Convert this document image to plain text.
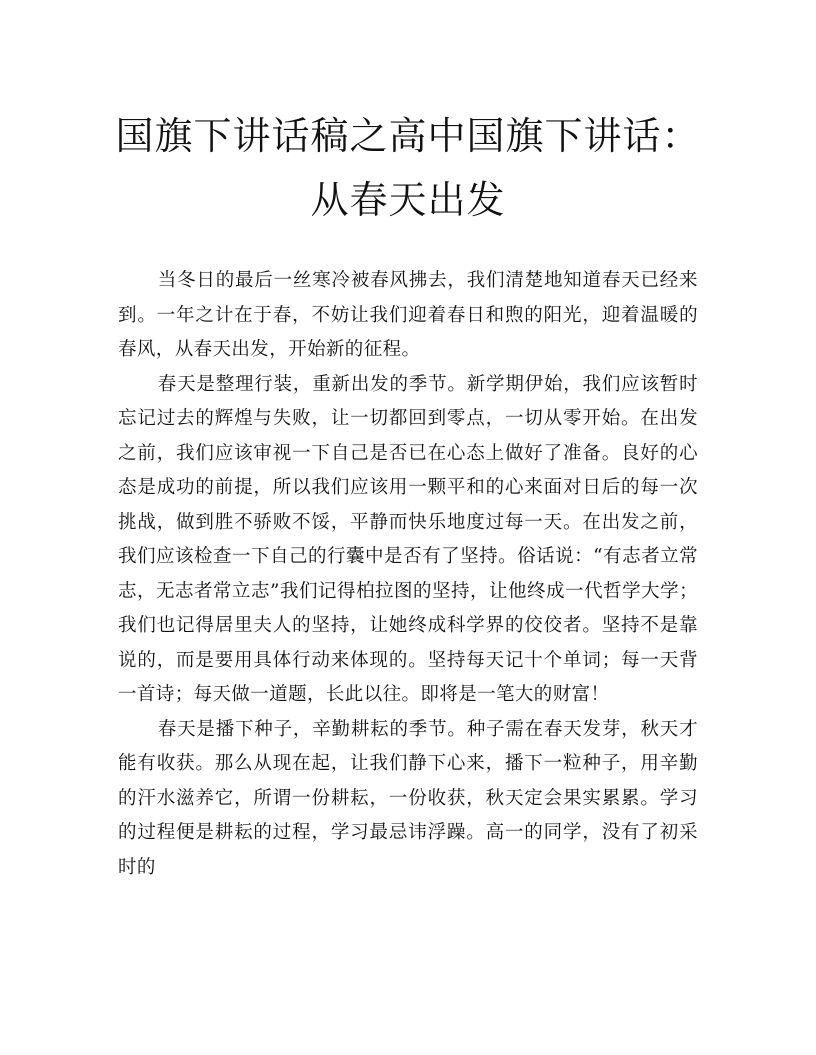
国旗下讲话稿之高中国旗下讲话：从春天出发

当冬日的最后一丝寒冷被春风拂去，我们清楚地知道春天已经来到。一年之计在于春，不妨让我们迎着春日和煦的阳光，迎着温暖的春风，从春天出发，开始新的征程。

春天是整理行装，重新出发的季节。新学期伊始，我们应该暂时忘记过去的辉煌与失败，让一切都回到零点，一切从零开始。在出发之前，我们应该审视一下自己是否已在心态上做好了准备。良好的心态是成功的前提，所以我们应该用一颗平和的心来面对日后的每一次挑战，做到胜不骄败不馁，平静而快乐地度过每一天。在出发之前，我们应该检查一下自己的行囊中是否有了坚持。俗话说：“有志者立常志，无志者常立志”我们记得柏拉图的坚持，让他终成一代哲学大学；我们也记得居里夫人的坚持，让她终成科学界的佼佼者。坚持不是靠说的，而是要用具体行动来体现的。坚持每天记十个单词；每一天背一首诗；每天做一道题，长此以往。即将是一笔大的财富！

春天是播下种子，辛勤耕耘的季节。种子需在春天发芽，秋天才能有收获。那么从现在起，让我们静下心来，播下一粒种子，用辛勤的汗水滋养它，所谓一份耕耘，一份收获，秋天定会果实累累。学习的过程便是耕耘的过程，学习最忌讳浮躁。高一的同学，没有了初采时的
